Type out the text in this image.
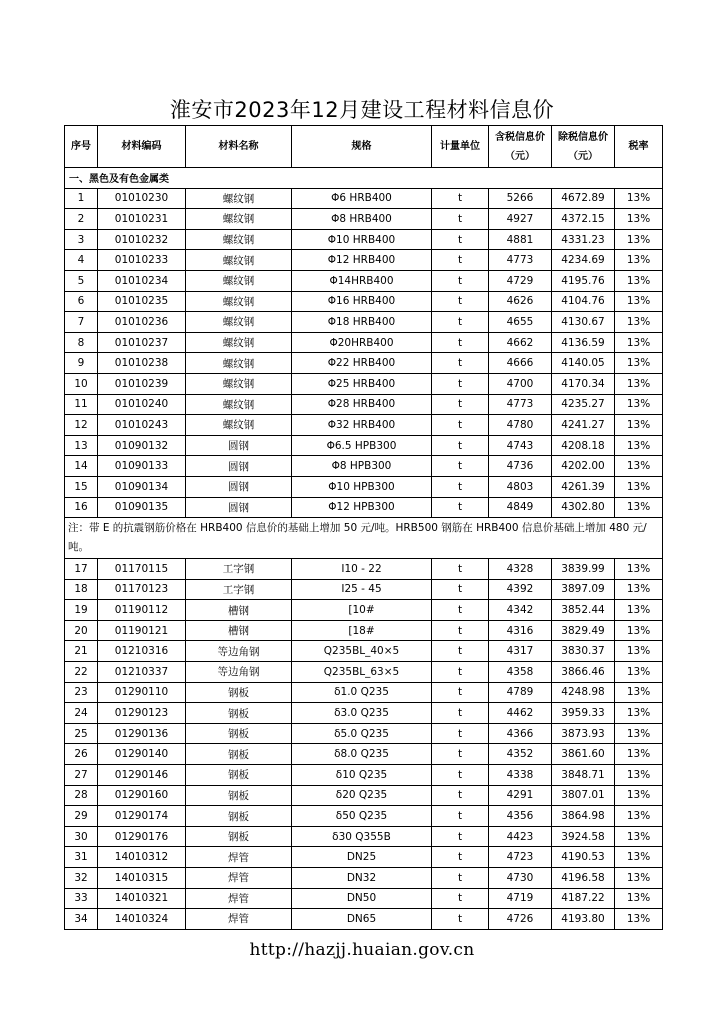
淮安市2023年12月建设工程材料信息价
序号	材料编码	材料名称	规格	计量单位	含税信息价（元）	除税信息价（元）	税率
一、黑色及有色金属类							
1	01010230	螺纹钢	Φ6 HRB400	t	5266	4672.89	13%
2	01010231	螺纹钢	Φ8 HRB400	t	4927	4372.15	13%
3	01010232	螺纹钢	Φ10 HRB400	t	4881	4331.23	13%
4	01010233	螺纹钢	Φ12 HRB400	t	4773	4234.69	13%
5	01010234	螺纹钢	Φ14HRB400	t	4729	4195.76	13%
6	01010235	螺纹钢	Φ16 HRB400	t	4626	4104.76	13%
7	01010236	螺纹钢	Φ18 HRB400	t	4655	4130.67	13%
8	01010237	螺纹钢	Φ20HRB400	t	4662	4136.59	13%
9	01010238	螺纹钢	Φ22 HRB400	t	4666	4140.05	13%
10	01010239	螺纹钢	Φ25 HRB400	t	4700	4170.34	13%
11	01010240	螺纹钢	Φ28 HRB400	t	4773	4235.27	13%
12	01010243	螺纹钢	Φ32 HRB400	t	4780	4241.27	13%
13	01090132	圆钢	Φ6.5 HPB300	t	4743	4208.18	13%
14	01090133	圆钢	Φ8 HPB300	t	4736	4202.00	13%
15	01090134	圆钢	Φ10 HPB300	t	4803	4261.39	13%
16	01090135	圆钢	Φ12 HPB300	t	4849	4302.80	13%
注：带 E 的抗震钢筋价格在 HRB400 信息价的基础上增加 50 元/吨。HRB500 钢筋在 HRB400 信息价基础上增加 480 元/吨。							
17	01170115	工字钢	I10 - 22	t	4328	3839.99	13%
18	01170123	工字钢	I25 - 45	t	4392	3897.09	13%
19	01190112	槽钢	[10#	t	4342	3852.44	13%
20	01190121	槽钢	[18#	t	4316	3829.49	13%
21	01210316	等边角钢	Q235BL_40×5	t	4317	3830.37	13%
22	01210337	等边角钢	Q235BL_63×5	t	4358	3866.46	13%
23	01290110	钢板	δ1.0 Q235	t	4789	4248.98	13%
24	01290123	钢板	δ3.0 Q235	t	4462	3959.33	13%
25	01290136	钢板	δ5.0 Q235	t	4366	3873.93	13%
26	01290140	钢板	δ8.0 Q235	t	4352	3861.60	13%
27	01290146	钢板	δ10 Q235	t	4338	3848.71	13%
28	01290160	钢板	δ20 Q235	t	4291	3807.01	13%
29	01290174	钢板	δ50 Q235	t	4356	3864.98	13%
30	01290176	钢板	δ30 Q355B	t	4423	3924.58	13%
31	14010312	焊管	DN25	t	4723	4190.53	13%
32	14010315	焊管	DN32	t	4730	4196.58	13%
33	14010321	焊管	DN50	t	4719	4187.22	13%
34	14010324	焊管	DN65	t	4726	4193.80	13%
http://hazjj.huaian.gov.cn
